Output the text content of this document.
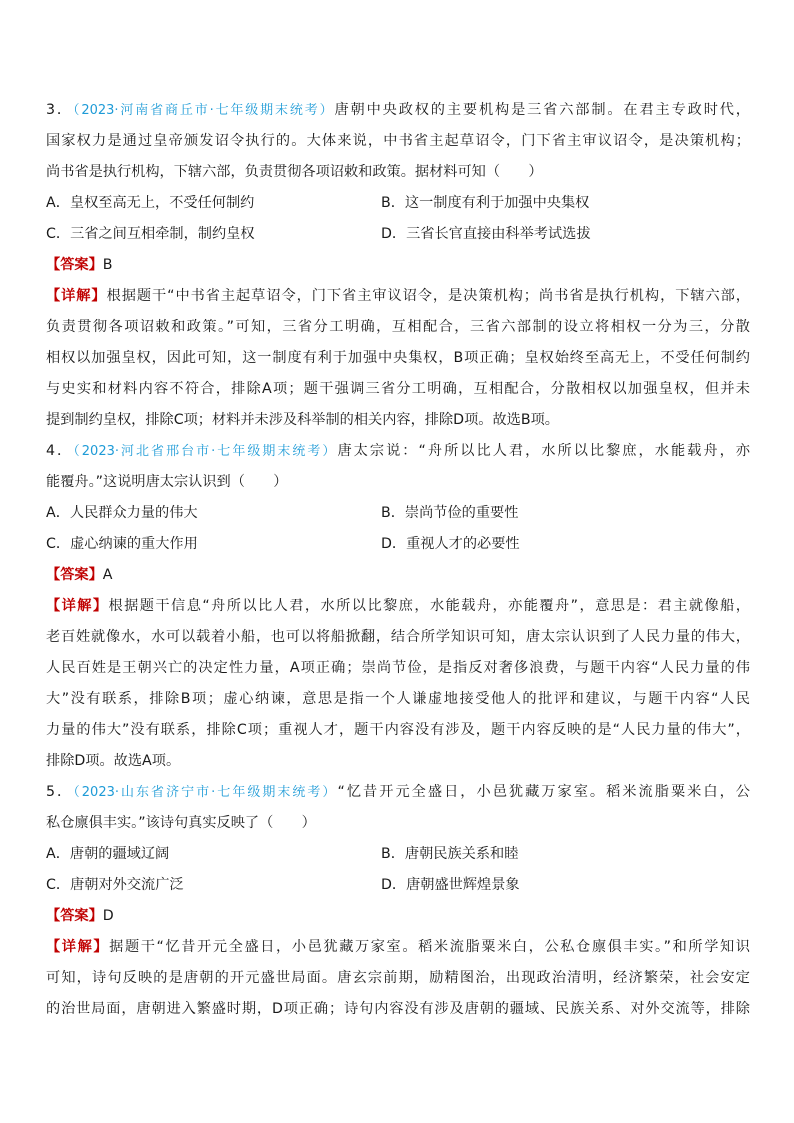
3．（2023·河南省商丘市·七年级期末统考）唐朝中央政权的主要机构是三省六部制。在君主专政时代，
国家权力是通过皇帝颁发诏令执行的。大体来说，中书省主起草诏令，门下省主审议诏令，是决策机构；
尚书省是执行机构，下辖六部，负责贯彻各项诏敕和政策。据材料可知（　　）
A．皇权至高无上，不受任何制约	B．这一制度有利于加强中央集权
C．三省之间互相牵制，制约皇权	D．三省长官直接由科举考试选拔
【答案】B
【详解】根据题干“中书省主起草诏令，门下省主审议诏令，是决策机构；尚书省是执行机构，下辖六部，
负责贯彻各项诏敕和政策。”可知，三省分工明确，互相配合，三省六部制的设立将相权一分为三，分散
相权以加强皇权，因此可知，这一制度有利于加强中央集权，B项正确；皇权始终至高无上，不受任何制约
与史实和材料内容不符合，排除A项；题干强调三省分工明确，互相配合，分散相权以加强皇权，但并未
提到制约皇权，排除C项；材料并未涉及科举制的相关内容，排除D项。故选B项。
4．（2023·河北省邢台市·七年级期末统考）唐太宗说：“舟所以比人君，水所以比黎庶，水能载舟，亦
能覆舟。”这说明唐太宗认识到（　　）
A．人民群众力量的伟大	B．崇尚节俭的重要性
C．虚心纳谏的重大作用	D．重视人才的必要性
【答案】A
【详解】根据题干信息“舟所以比人君，水所以比黎庶，水能载舟，亦能覆舟”，意思是：君主就像船，
老百姓就像水，水可以载着小船，也可以将船掀翻，结合所学知识可知，唐太宗认识到了人民力量的伟大，
人民百姓是王朝兴亡的决定性力量，A项正确；崇尚节俭，是指反对奢侈浪费，与题干内容“人民力量的伟
大”没有联系，排除B项；虚心纳谏，意思是指一个人谦虚地接受他人的批评和建议，与题干内容“人民
力量的伟大”没有联系，排除C项；重视人才，题干内容没有涉及，题干内容反映的是“人民力量的伟大”，
排除D项。故选A项。
5．（2023·山东省济宁市·七年级期末统考）“忆昔开元全盛日，小邑犹藏万家室。稻米流脂粟米白，公
私仓廪俱丰实。”该诗句真实反映了（　　）
A．唐朝的疆域辽阔	B．唐朝民族关系和睦
C．唐朝对外交流广泛	D．唐朝盛世辉煌景象
【答案】D
【详解】据题干“忆昔开元全盛日，小邑犹藏万家室。稻米流脂粟米白，公私仓廪俱丰实。”和所学知识
可知，诗句反映的是唐朝的开元盛世局面。唐玄宗前期，励精图治，出现政治清明，经济繁荣，社会安定
的治世局面，唐朝进入繁盛时期，D项正确；诗句内容没有涉及唐朝的疆域、民族关系、对外交流等，排除
